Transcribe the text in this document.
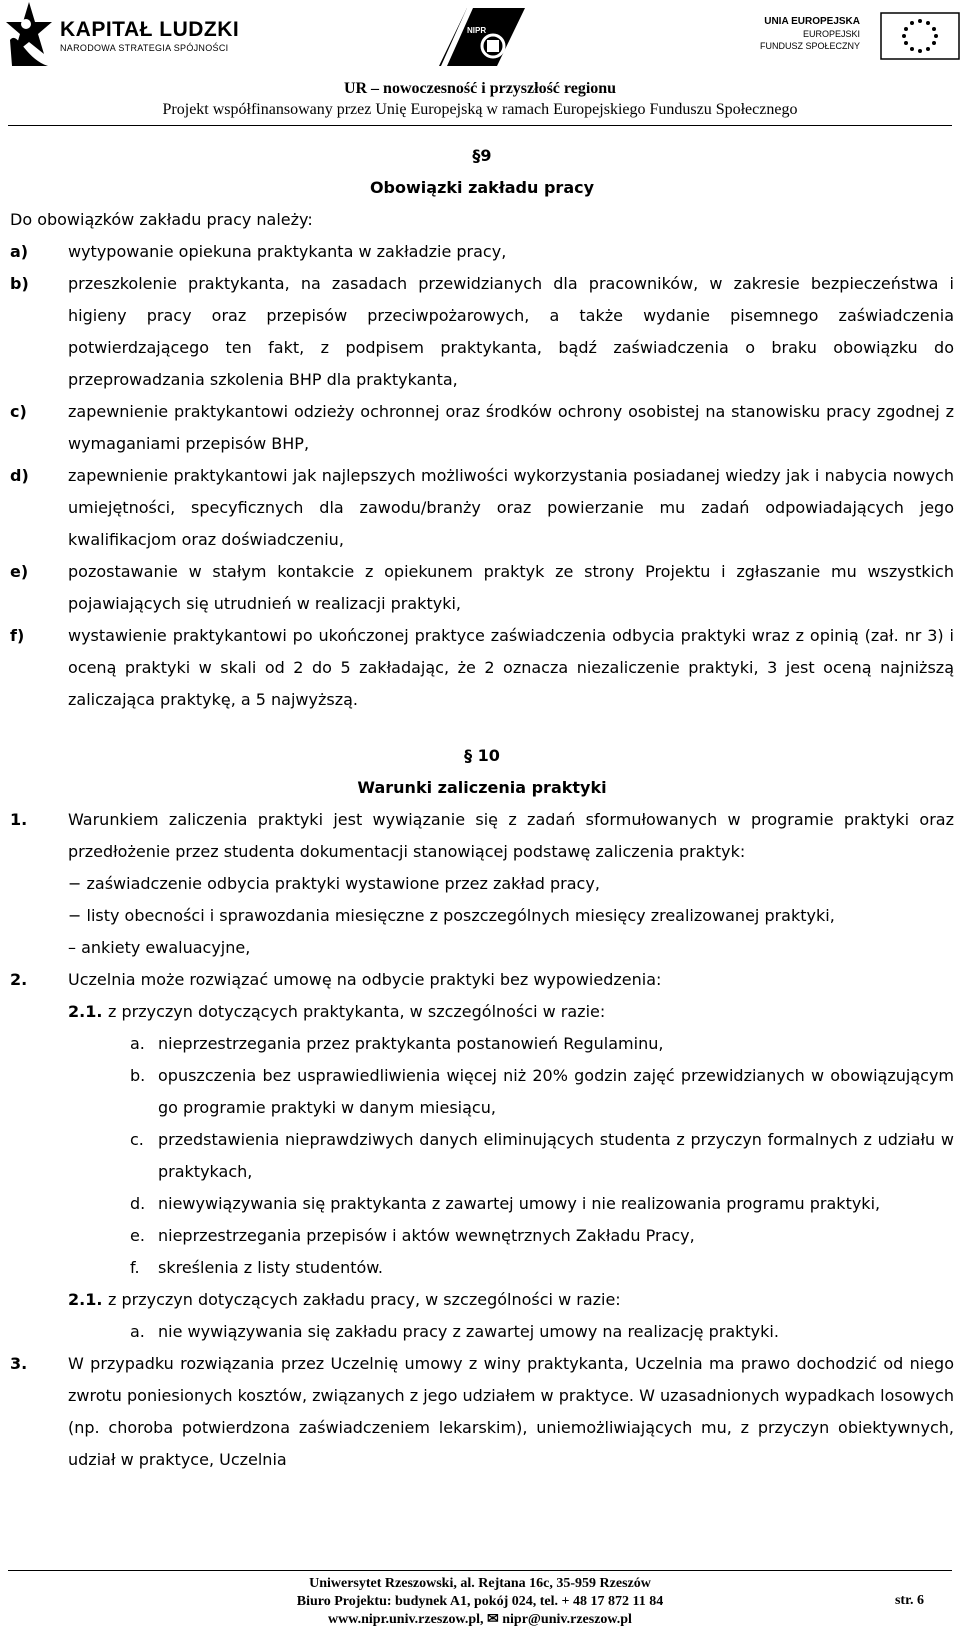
KAPITAŁ LUDZKI
NARODOWA STRATEGIA SPÓJNOŚCI
NIPR
UNIA EUROPEJSKA
EUROPEJSKI
FUNDUSZ SPOŁECZNY
UR – nowoczesność i przyszłość regionu
Projekt współfinansowany przez Unię Europejską w ramach Europejskiego Funduszu Społecznego
§9
Obowiązki zakładu pracy
Do obowiązków zakładu pracy należy:
a)	wytypowanie opiekuna praktykanta w zakładzie pracy,
b)	przeszkolenie praktykanta, na zasadach przewidzianych dla pracowników, w zakresie bezpieczeństwa i higieny pracy oraz przepisów przeciwpożarowych, a także wydanie pisemnego zaświadczenia potwierdzającego ten fakt, z podpisem praktykanta, bądź zaświadczenia o braku obowiązku do przeprowadzania szkolenia BHP dla praktykanta,
c)	zapewnienie praktykantowi odzieży ochronnej oraz środków ochrony osobistej na stanowisku pracy zgodnej z wymaganiami przepisów BHP,
d)	zapewnienie praktykantowi jak najlepszych możliwości wykorzystania posiadanej wiedzy jak i nabycia nowych umiejętności, specyficznych dla zawodu/branży oraz powierzanie mu zadań odpowiadających jego kwalifikacjom oraz doświadczeniu,
e)	pozostawanie w stałym kontakcie z opiekunem praktyk ze strony Projektu i zgłaszanie mu wszystkich pojawiających się utrudnień w realizacji praktyki,
f)	wystawienie praktykantowi po ukończonej praktyce zaświadczenia odbycia praktyki wraz z opinią (zał. nr 3) i oceną praktyki w skali od 2 do 5 zakładając, że 2 oznacza niezaliczenie praktyki, 3 jest oceną najniższą zaliczająca praktykę, a 5 najwyższą.
§ 10
Warunki zaliczenia praktyki
1.	Warunkiem zaliczenia praktyki jest wywiązanie się z zadań sformułowanych w programie praktyki oraz przedłożenie przez studenta dokumentacji stanowiącej podstawę zaliczenia praktyk:
− zaświadczenie odbycia praktyki wystawione przez zakład pracy,
− listy obecności i sprawozdania miesięczne z poszczególnych miesięcy zrealizowanej praktyki,
– ankiety ewaluacyjne,
2.	Uczelnia może rozwiązać umowę na odbycie praktyki bez wypowiedzenia:
2.1. z przyczyn dotyczących praktykanta, w szczególności w razie:
a. nieprzestrzegania przez praktykanta postanowień Regulaminu,
b. opuszczenia bez usprawiedliwienia więcej niż 20% godzin zajęć przewidzianych w obowiązującym go programie praktyki w danym miesiącu,
c. przedstawienia nieprawdziwych danych eliminujących studenta z przyczyn formalnych z udziału w praktykach,
d. niewywiązywania się praktykanta z zawartej umowy i nie realizowania programu praktyki,
e. nieprzestrzegania przepisów i aktów wewnętrznych Zakładu Pracy,
f.	skreślenia z listy studentów.
2.1. z przyczyn dotyczących zakładu pracy, w szczególności w razie:
a. nie wywiązywania się zakładu pracy z zawartej umowy na realizację praktyki.
3.	W przypadku rozwiązania przez Uczelnię umowy z winy praktykanta, Uczelnia ma prawo dochodzić od niego zwrotu poniesionych kosztów, związanych z jego udziałem w praktyce. W uzasadnionych wypadkach losowych (np. choroba potwierdzona zaświadczeniem lekarskim), uniemożliwiających mu, z przyczyn obiektywnych, udział w praktyce, Uczelnia
Uniwersytet Rzeszowski, al. Rejtana 16c, 35-959 Rzeszów
Biuro Projektu: budynek A1, pokój 024, tel. + 48 17 872 11 84
www.nipr.univ.rzeszow.pl, ✉ nipr@univ.rzeszow.pl
str. 6
